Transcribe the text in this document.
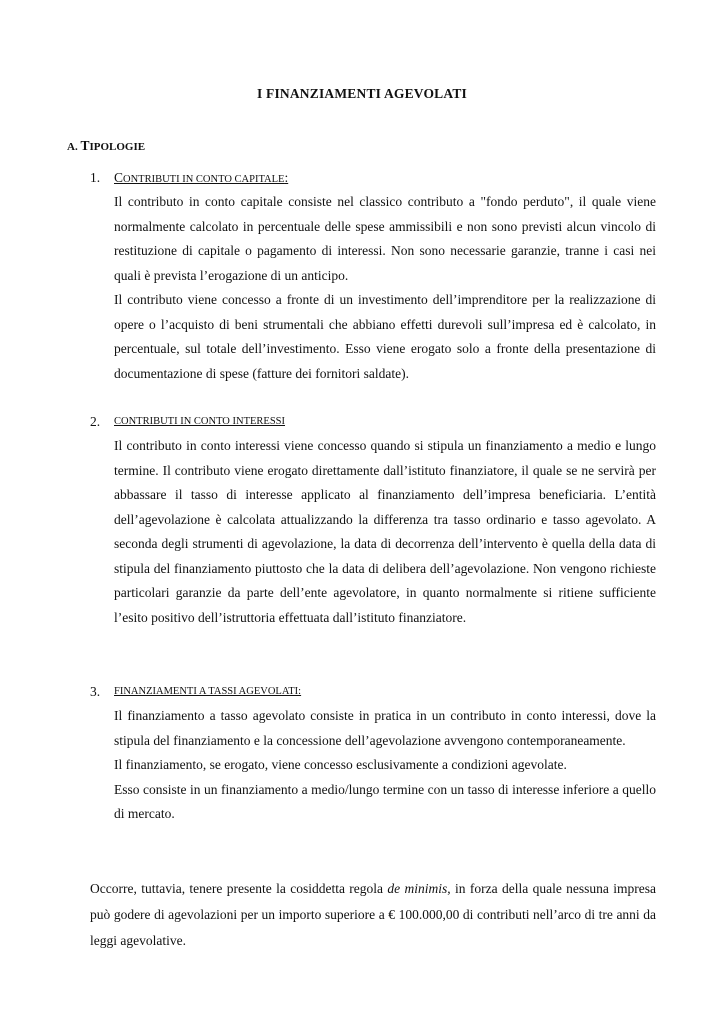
I FINANZIAMENTI AGEVOLATI
A. TIPOLOGIE
1. CONTRIBUTI IN CONTO CAPITALE:

Il contributo in conto capitale consiste nel classico contributo a "fondo perduto", il quale viene normalmente calcolato in percentuale delle spese ammissibili e non sono previsti alcun vincolo di restituzione di capitale o pagamento di interessi. Non sono necessarie garanzie, tranne i casi nei quali è prevista l’erogazione di un anticipo.

Il contributo viene concesso a fronte di un investimento dell’imprenditore per la realizzazione di opere o l’acquisto di beni strumentali che abbiano effetti durevoli sull’impresa ed è calcolato, in percentuale, sul totale dell’investimento. Esso viene erogato solo a fronte della presentazione di documentazione di spese (fatture dei fornitori saldate).

2. CONTRIBUTI IN CONTO INTERESSI

Il contributo in conto interessi viene concesso quando si stipula un finanziamento a medio e lungo termine. Il contributo viene erogato direttamente dall’istituto finanziatore, il quale se ne servirà per abbassare il tasso di interesse applicato al finanziamento dell’impresa beneficiaria. L’entità dell’agevolazione è calcolata attualizzando la differenza tra tasso ordinario e tasso agevolato. A seconda degli strumenti di agevolazione, la data di decorrenza dell’intervento è quella della data di stipula del finanziamento piuttosto che la data di delibera dell’agevolazione. Non vengono richieste particolari garanzie da parte dell’ente agevolatore, in quanto normalmente si ritiene sufficiente l’esito positivo dell’istruttoria effettuata dall’istituto finanziatore.

3. FINANZIAMENTI A TASSI AGEVOLATI:

Il finanziamento a tasso agevolato consiste in pratica in un contributo in conto interessi, dove la stipula del finanziamento e la concessione dell’agevolazione avvengono contemporaneamente.

Il finanziamento, se erogato, viene concesso esclusivamente a condizioni agevolate.

Esso consiste in un finanziamento a medio/lungo termine con un tasso di interesse inferiore a quello di mercato.

Occorre, tuttavia, tenere presente la cosiddetta regola de minimis, in forza della quale nessuna impresa può godere di agevolazioni per un importo superiore a € 100.000,00 di contributi nell’arco di tre anni da leggi agevolative.
